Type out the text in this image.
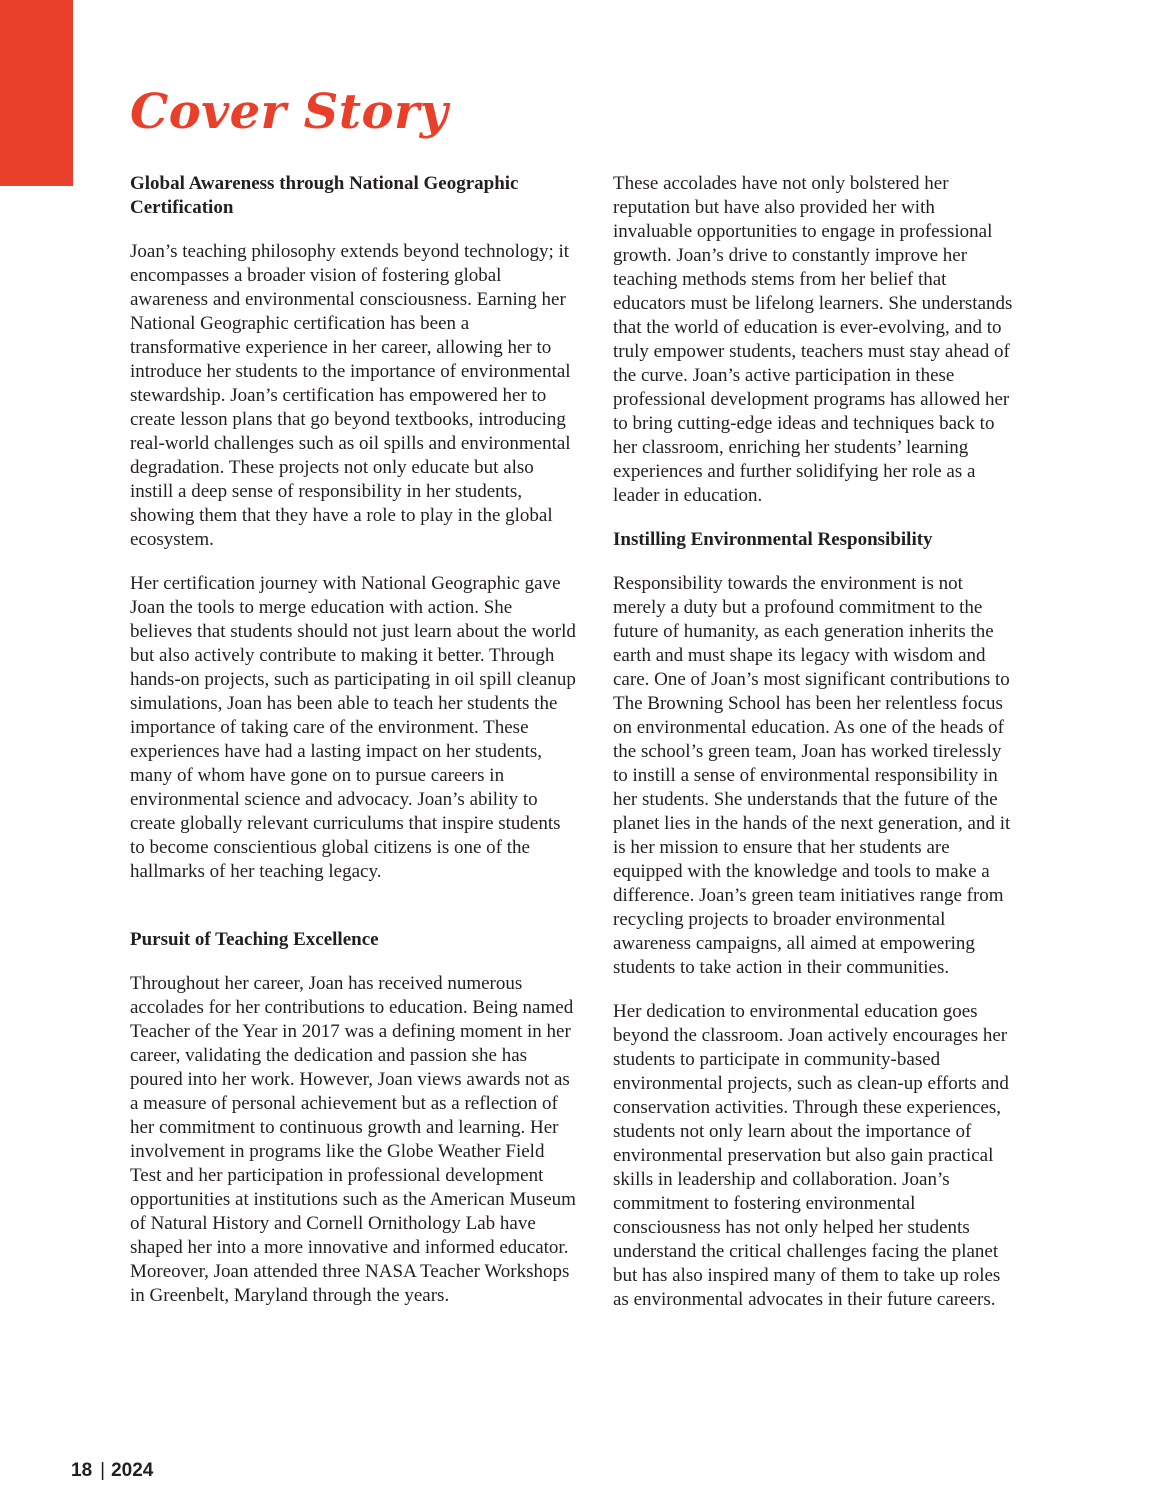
Cover Story
Global Awareness through National Geographic Certification

Joan’s teaching philosophy extends beyond technology; it encompasses a broader vision of fostering global awareness and environmental consciousness. Earning her National Geographic certification has been a transformative experience in her career, allowing her to introduce her students to the importance of environmental stewardship. Joan’s certification has empowered her to create lesson plans that go beyond textbooks, introducing real-world challenges such as oil spills and environmental degradation. These projects not only educate but also instill a deep sense of responsibility in her students, showing them that they have a role to play in the global ecosystem.

Her certification journey with National Geographic gave Joan the tools to merge education with action. She believes that students should not just learn about the world but also actively contribute to making it better. Through hands-on projects, such as participating in oil spill cleanup simulations, Joan has been able to teach her students the importance of taking care of the environment. These experiences have had a lasting impact on her students, many of whom have gone on to pursue careers in environmental science and advocacy. Joan’s ability to create globally relevant curriculums that inspire students to become conscientious global citizens is one of the hallmarks of her teaching legacy.

Pursuit of Teaching Excellence

Throughout her career, Joan has received numerous accolades for her contributions to education. Being named Teacher of the Year in 2017 was a defining moment in her career, validating the dedication and passion she has poured into her work. However, Joan views awards not as a measure of personal achievement but as a reflection of her commitment to continuous growth and learning. Her involvement in programs like the Globe Weather Field Test and her participation in professional development opportunities at institutions such as the American Museum of Natural History and Cornell Ornithology Lab have shaped her into a more innovative and informed educator. Moreover, Joan attended three NASA Teacher Workshops in Greenbelt, Maryland through the years.

These accolades have not only bolstered her reputation but have also provided her with invaluable opportunities to engage in professional growth. Joan’s drive to constantly improve her teaching methods stems from her belief that educators must be lifelong learners. She understands that the world of education is ever-evolving, and to truly empower students, teachers must stay ahead of the curve. Joan’s active participation in these professional development programs has allowed her to bring cutting-edge ideas and techniques back to her classroom, enriching her students’ learning experiences and further solidifying her role as a leader in education.

Instilling Environmental Responsibility

Responsibility towards the environment is not merely a duty but a profound commitment to the future of humanity, as each generation inherits the earth and must shape its legacy with wisdom and care. One of Joan’s most significant contributions to The Browning School has been her relentless focus on environmental education. As one of the heads of the school’s green team, Joan has worked tirelessly to instill a sense of environmental responsibility in her students. She understands that the future of the planet lies in the hands of the next generation, and it is her mission to ensure that her students are equipped with the knowledge and tools to make a difference. Joan’s green team initiatives range from recycling projects to broader environmental awareness campaigns, all aimed at empowering students to take action in their communities.

Her dedication to environmental education goes beyond the classroom. Joan actively encourages her students to participate in community-based environmental projects, such as clean-up efforts and conservation activities. Through these experiences, students not only learn about the importance of environmental preservation but also gain practical skills in leadership and collaboration. Joan’s commitment to fostering environmental consciousness has not only helped her students understand the critical challenges facing the planet but has also inspired many of them to take up roles as environmental advocates in their future careers.

18 | 2024
